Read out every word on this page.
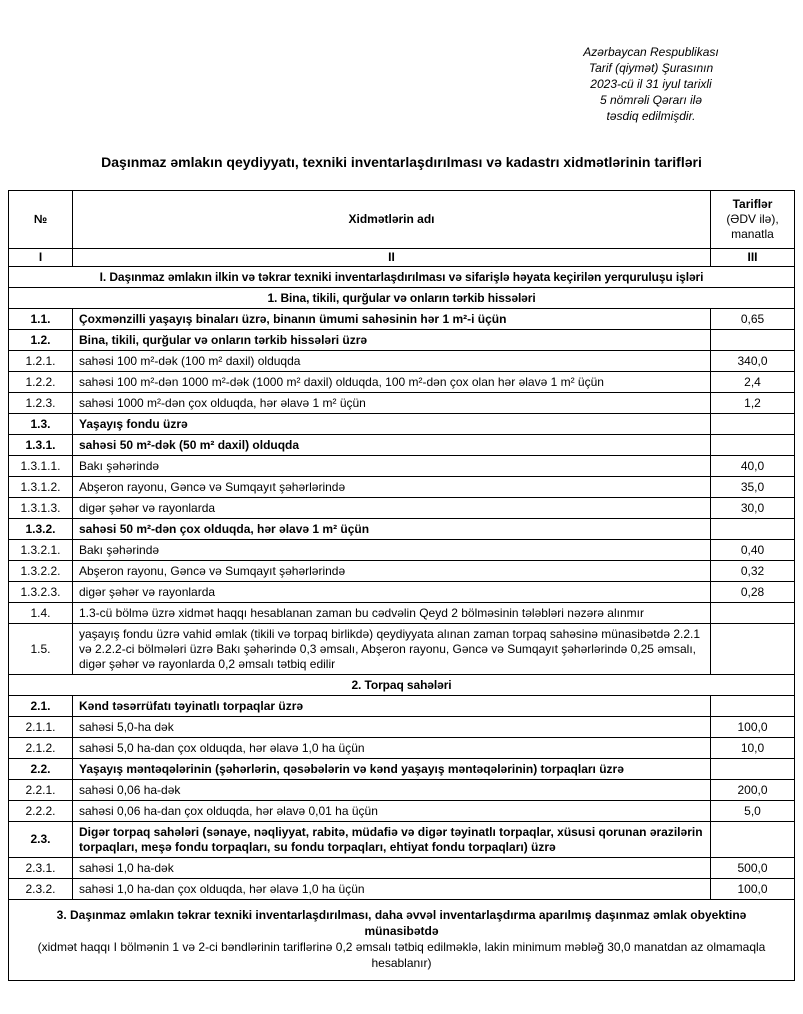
Azərbaycan Respublikası
Tarif (qiymət) Şurasının
2023-cü il 31 iyul tarixli
5 nömrəli Qərarı ilə
təsdiq edilmişdir.
Daşınmaz əmlakın qeydiyyatı, texniki inventarlaşdırılması və kadastrı xidmətlərinin tarifləri
№	Xidmətlərin adı	Tariflər
(ƏDV ilə),
manatla

I	II	III
I. Daşınmaz əmlakın ilkin və təkrar texniki inventarlaşdırılması və sifarişlə həyata keçirilən yerquruluşu işləri		
1. Bina, tikili, qurğular və onların tərkib hissələri		
1.1.	Çoxmənzilli yaşayış binaları üzrə, binanın ümumi sahəsinin hər 1 m²-i üçün	0,65
1.2.	Bina, tikili, qurğular və onların tərkib hissələri üzrə	
1.2.1.	sahəsi 100 m²-dək (100 m² daxil) olduqda	340,0
1.2.2.	sahəsi 100 m²-dən 1000 m²-dək (1000 m² daxil) olduqda, 100 m²-dən çox olan hər əlavə 1 m² üçün	2,4
1.2.3.	sahəsi 1000 m²-dən çox olduqda, hər əlavə 1 m² üçün	1,2
1.3.	Yaşayış fondu üzrə	
1.3.1.	sahəsi 50 m²-dək (50 m² daxil) olduqda	
1.3.1.1.	Bakı şəhərində	40,0
1.3.1.2.	Abşeron rayonu, Gəncə və Sumqayıt şəhərlərində	35,0
1.3.1.3.	digər şəhər və rayonlarda	30,0
1.3.2.	sahəsi 50 m²-dən çox olduqda, hər əlavə 1 m² üçün	
1.3.2.1.	Bakı şəhərində	0,40
1.3.2.2.	Abşeron rayonu, Gəncə və Sumqayıt şəhərlərində	0,32
1.3.2.3.	digər şəhər və rayonlarda	0,28
1.4.	1.3-cü bölmə üzrə xidmət haqqı hesablanan zaman bu cədvəlin Qeyd 2 bölməsinin tələbləri nəzərə alınmır	
1.5.	yaşayış fondu üzrə vahid əmlak (tikili və torpaq birlikdə) qeydiyyata alınan zaman torpaq sahəsinə münasibətdə 2.2.1 və 2.2.2-ci bölmələri üzrə Bakı şəhərində 0,3 əmsalı, Abşeron rayonu, Gəncə və Sumqayıt şəhərlərində 0,25 əmsalı, digər şəhər və rayonlarda 0,2 əmsalı tətbiq edilir	
2. Torpaq sahələri		
2.1.	Kənd təsərrüfatı təyinatlı torpaqlar üzrə	
2.1.1.	sahəsi 5,0-ha dək	100,0
2.1.2.	sahəsi 5,0 ha-dan çox olduqda, hər əlavə 1,0 ha üçün	10,0
2.2.	Yaşayış məntəqələrinin (şəhərlərin, qəsəbələrin və kənd yaşayış məntəqələrinin) torpaqları üzrə	
2.2.1.	sahəsi 0,06 ha-dək	200,0
2.2.2.	sahəsi 0,06 ha-dan çox olduqda, hər əlavə 0,01 ha üçün	5,0
2.3.	Digər torpaq sahələri (sənaye, nəqliyyat, rabitə, müdafiə və digər təyinatlı torpaqlar, xüsusi qorunan ərazilərin torpaqları, meşə fondu torpaqları, su fondu torpaqları, ehtiyat fondu torpaqları) üzrə	
2.3.1.	sahəsi 1,0 ha-dək	500,0
2.3.2.	sahəsi 1,0 ha-dan çox olduqda, hər əlavə 1,0 ha üçün	100,0

3. Daşınmaz əmlakın təkrar texniki inventarlaşdırılması, daha əvvəl inventarlaşdırma aparılmış daşınmaz əmlak obyektinə münasibətdə

(xidmət haqqı I bölmənin 1 və 2-ci bəndlərinin tariflərinə 0,2 əmsalı tətbiq edilməklə, lakin minimum məbləğ 30,0 manatdan az olmamaqla hesablanır)		
